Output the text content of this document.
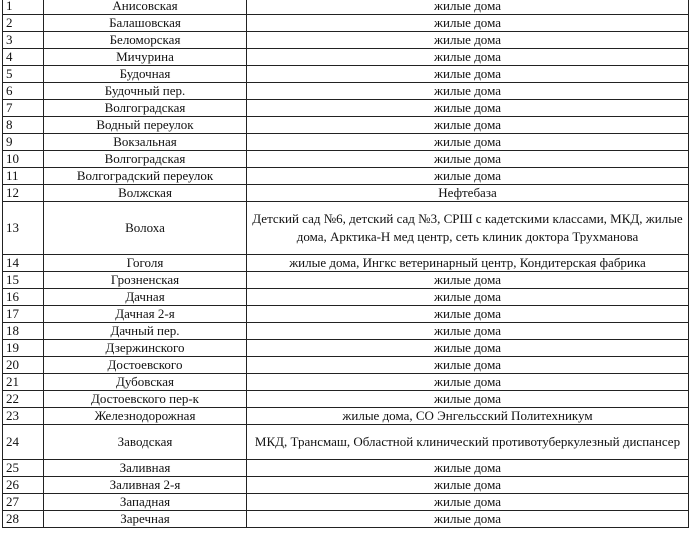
1	Анисовская	жилые дома
2	Балашовская	жилые дома
3	Беломорская	жилые дома
4	Мичурина	жилые дома
5	Будочная	жилые дома
6	Будочный пер.	жилые дома
7	Волгоградская	жилые дома
8	Водный переулок	жилые дома
9	Вокзальная	жилые дома
10	Волгоградская	жилые дома
11	Волгоградский переулок	жилые дома
12	Волжская	Нефтебаза
13	Волоха	Детский сад №6, детский сад №3, СРШ с кадетскими классами, МКД, жилые дома, Арктика-Н мед центр, сеть клиник доктора Трухманова
14	Гоголя	жилые дома, Ингкс ветеринарный центр, Кондитерская фабрика
15	Грозненская	жилые дома
16	Дачная	жилые дома
17	Дачная 2-я	жилые дома
18	Дачный пер.	жилые дома
19	Дзержинского	жилые дома
20	Достоевского	жилые дома
21	Дубовская	жилые дома
22	Достоевского пер-к	жилые дома
23	Железнодорожная	жилые дома, СО Энгельсский Политехникум
24	Заводская	МКД, Трансмаш, Областной клинический противотуберкулезный диспансер
25	Заливная	жилые дома
26	Заливная 2-я	жилые дома
27	Западная	жилые дома
28	Заречная	жилые дома
